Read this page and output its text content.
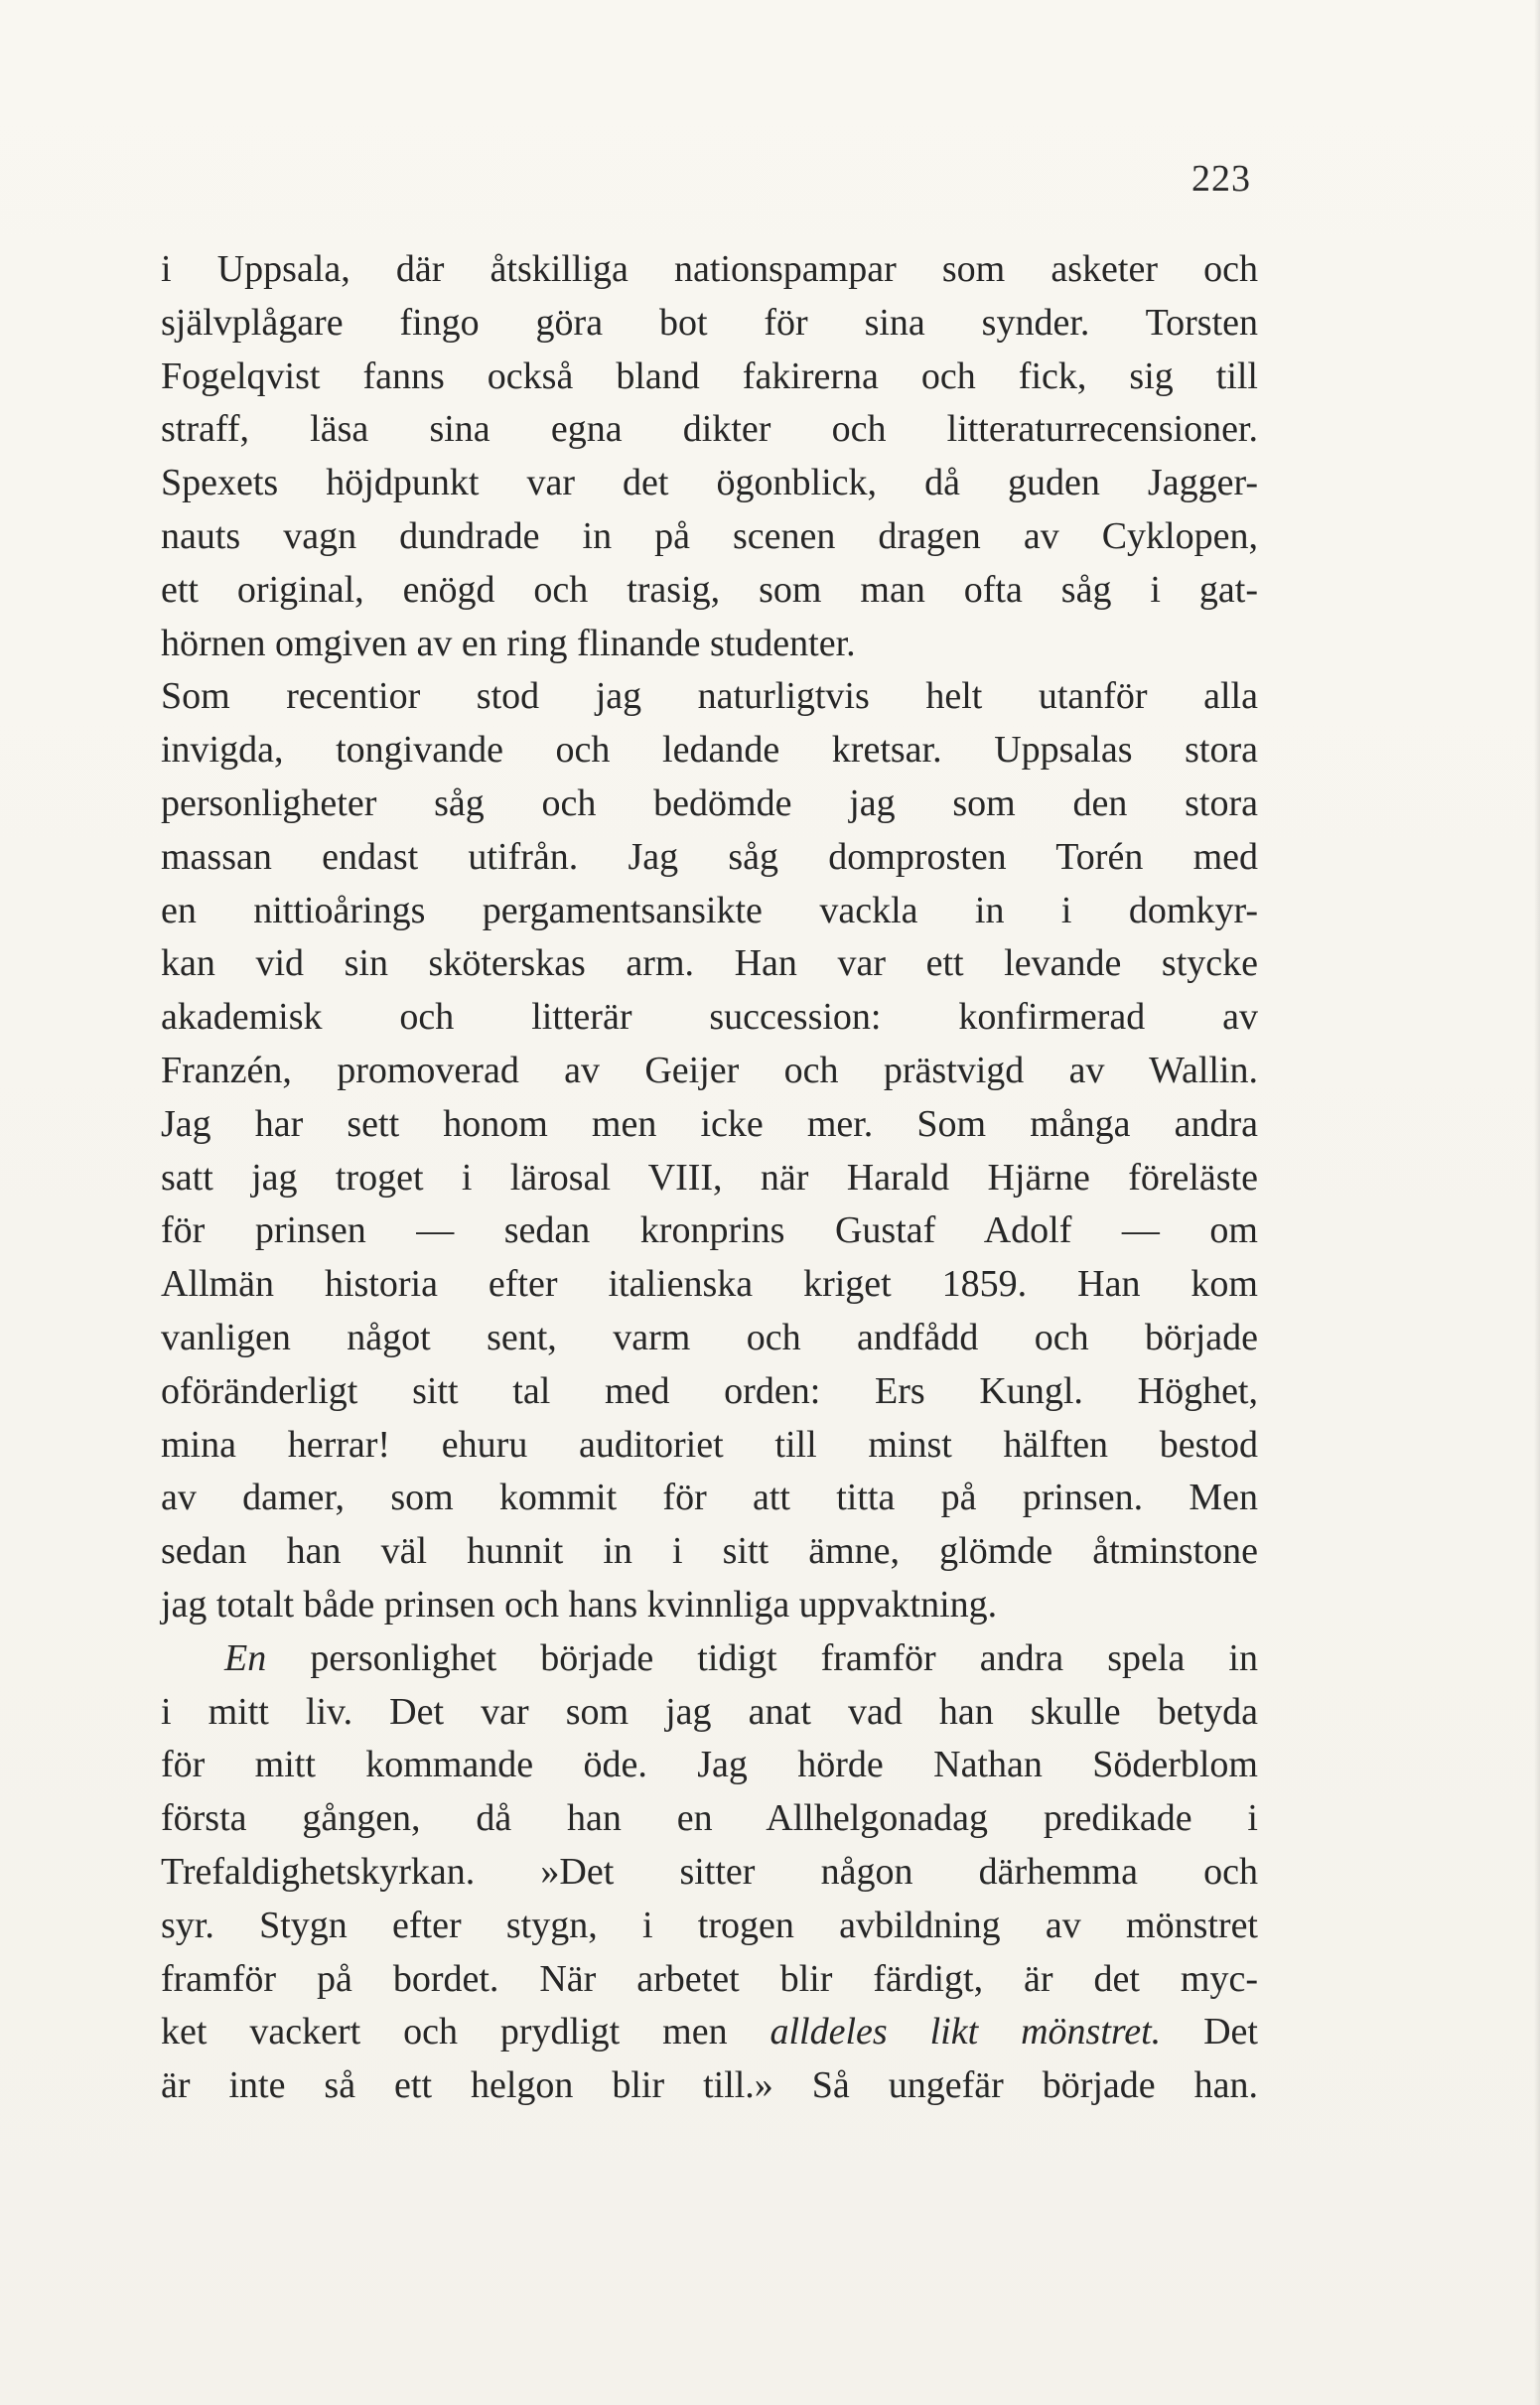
223
i Uppsala, där åtskilliga nationspampar som asketer och
självplågare fingo göra bot för sina synder. Torsten
Fogelqvist fanns också bland fakirerna och fick, sig till
straff, läsa sina egna dikter och litteraturrecensioner.
Spexets höjdpunkt var det ögonblick, då guden Jagger-
nauts vagn dundrade in på scenen dragen av Cyklopen,
ett original, enögd och trasig, som man ofta såg i gat-
hörnen omgiven av en ring flinande studenter.
Som recentior stod jag naturligtvis helt utanför alla
invigda, tongivande och ledande kretsar. Uppsalas stora
personligheter såg och bedömde jag som den stora
massan endast utifrån. Jag såg domprosten Torén med
en nittioårings pergamentsansikte vackla in i domkyr-
kan vid sin sköterskas arm. Han var ett levande stycke
akademisk och litterär succession: konfirmerad av
Franzén, promoverad av Geijer och prästvigd av Wallin.
Jag har sett honom men icke mer. Som många andra
satt jag troget i lärosal VIII, när Harald Hjärne föreläste
för prinsen — sedan kronprins Gustaf Adolf — om
Allmän historia efter italienska kriget 1859. Han kom
vanligen något sent, varm och andfådd och började
oföränderligt sitt tal med orden: Ers Kungl. Höghet,
mina herrar! ehuru auditoriet till minst hälften bestod
av damer, som kommit för att titta på prinsen. Men
sedan han väl hunnit in i sitt ämne, glömde åtminstone
jag totalt både prinsen och hans kvinnliga uppvaktning.
En personlighet började tidigt framför andra spela in
i mitt liv. Det var som jag anat vad han skulle betyda
för mitt kommande öde. Jag hörde Nathan Söderblom
första gången, då han en Allhelgonadag predikade i
Trefaldighetskyrkan. »Det sitter någon därhemma och
syr. Stygn efter stygn, i trogen avbildning av mönstret
framför på bordet. När arbetet blir färdigt, är det myc-
ket vackert och prydligt men alldeles likt mönstret. Det
är inte så ett helgon blir till.» Så ungefär började han.
